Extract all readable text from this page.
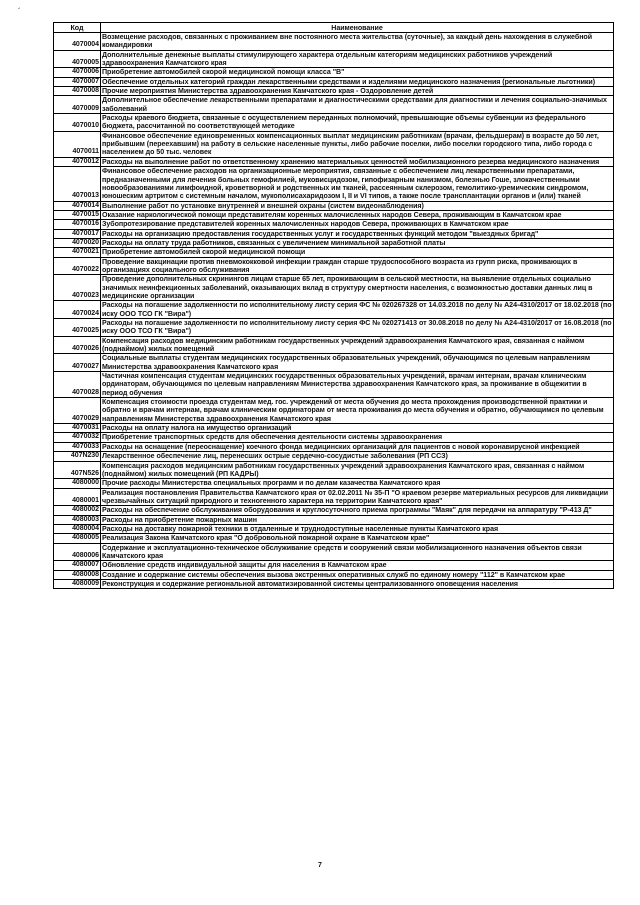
´
Код	Наименование
4070004	Возмещение расходов, связанных с проживанием вне постоянного места жительства (суточные), за каждый день нахождения в служебной командировки
4070005	Дополнительные денежные выплаты стимулирующего характера отдельным категориям медицинских работников учреждений здравоохранения Камчатского края
4070006	Приобретение автомобилей скорой медицинской помощи класса "В"
4070007	Обеспечение отдельных категорий граждан лекарственными средствами и изделиями медицинского назначения (региональные льготники)
4070008	Прочие мероприятия Министерства здравоохранения Камчатского края - Оздоровление детей
4070009	Дополнительное обеспечение лекарственными препаратами и диагностическими средствами для диагностики и лечения социально-значимых заболеваний
4070010	Расходы краевого бюджета, связанные с осуществлением переданных полномочий, превышающие объемы субвенции из федерального бюджета, рассчитанной по соответствующей методике
4070011	Финансовое обеспечение единовременных компенсационных выплат медицинским работникам (врачам, фельдшерам) в возрасте до 50 лет, прибывшим (переехавшим) на работу в сельские населенные пункты, либо рабочие поселки, либо поселки городского типа, либо города с населением до 50 тыс. человек
4070012	Расходы на выполнение работ по ответственному хранению материальных ценностей мобилизационного резерва медицинского назначения
4070013	Финансовое обеспечение расходов на организационные мероприятия, связанные с обеспечением лиц лекарственными препаратами, предназначенными для лечения больных гемофилией, муковисцидозом, гипофизарным нанизмом, болезнью Гоше, злокачественными новообразованиями лимфоидной, кроветворной и родственных им тканей, рассеянным склерозом, гемолитико-уремическим синдромом, юношеским артритом с системным началом, мукополисахаридозом I, II и VI типов, а также после трансплантации органов и (или) тканей
4070014	Выполнение работ по установке внутренней и внешней охраны (систем видеонаблюдения)
4070015	Оказание наркологической помощи представителям коренных малочисленных народов Севера, проживающим в Камчатском крае
4070016	Зубопротезирование представителей коренных малочисленных народов Севера, проживающих в Камчатском крае
4070017	Расходы на организацию предоставления государственных услуг и государственных функций методом "выездных бригад"
4070020	Расходы на оплату труда работников, связанных с увеличением минимальной заработной платы
4070021	Приобретение автомобилей скорой медицинской помощи
4070022	Проведение вакцинации против пневмококковой инфекции граждан старше трудоспособного возраста из групп риска, проживающих в организациях социального обслуживания
4070023	Проведение дополнительных скринингов лицам старше 65 лет, проживающим в сельской местности, на выявление отдельных социально значимых неинфекционных заболеваний, оказывающих вклад в структуру смертности населения, с возможностью доставки данных лиц в медицинские организации
4070024	Расходы на погашение задолженности по исполнительному листу серия ФС № 020267328 от 14.03.2018 по делу № А24-4310/2017 от 18.02.2018 (по иску ООО ТСО ГК "Вира")
4070025	Расходы на погашение задолженности по исполнительному листу серия ФС № 020271413 от 30.08.2018 по делу № А24-4310/2017 от 16.08.2018 (по иску ООО ТСО ГК "Вира")
4070026	Компенсация расходов медицинским работникам государственных учреждений здравоохранения Камчатского края, связанная с наймом (поднаймом) жилых помещений
4070027	Социальные выплаты студентам медицинских государственных образовательных учреждений, обучающимся по целевым направлениям Министерства здравоохранения Камчатского края
4070028	Частичная компенсация студентам медицинских государственных образовательных учреждений, врачам интернам, врачам клиническим ординаторам, обучающимся по целевым направлениям Министерства здравоохранения Камчатского края, за проживание в общежитии в период обучения
4070029	Компенсация стоимости проезда студентам мед. гос. учреждений от места обучения до места прохождения производственной практики и обратно и врачам интернам, врачам клиническим ординаторам от места проживания до места обучения и обратно, обучающимся по целевым направлениям Министерства здравоохранения Камчатского края
4070031	Расходы на оплату налога на имущество организаций
4070032	Приобретение транспортных средств для обеспечения деятельности системы здравоохранения
4070033	Расходы на оснащение (переоснащение) коечного фонда медицинских организаций для пациентов с новой коронавирусной инфекцией
407N230	Лекарственное обеспечение лиц, перенесших острые сердечно-сосудистые заболевания (РП ССЗ)
407N526	Компенсация расходов медицинским работникам государственных учреждений здравоохранения Камчатского края, связанная с наймом (поднаймом) жилых помещений (РП КАДРЫ)
4080000	Прочие расходы Министерства специальных программ и по делам казачества Камчатского края
4080001	Реализация постановления Правительства Камчатского края от 02.02.2011 № 35-П "О краевом резерве материальных ресурсов для ликвидации чрезвычайных ситуаций природного и техногенного характера на территории Камчатского края"
4080002	Расходы на обеспечение обслуживания оборудования и круглосуточного приема программы "Маяк" для передачи на аппаратуру "Р-413 Д"
4080003	Расходы на приобретение пожарных машин
4080004	Расходы на доставку пожарной техники в отдаленные и труднодоступные населенные пункты Камчатского края
4080005	Реализация Закона Камчатского края "О добровольной пожарной охране в Камчатском крае"
4080006	Содержание и эксплуатационно-техническое обслуживание средств и сооружений связи мобилизационного назначения объектов связи Камчатского края
4080007	Обновление средств индивидуальной защиты для населения в Камчатском крае
4080008	Создание и содержание системы обеспечения вызова экстренных оперативных служб по единому номеру "112" в Камчатском крае
4080009	Реконструкция и содержание региональной автоматизированной системы централизованного оповещения населения
7
